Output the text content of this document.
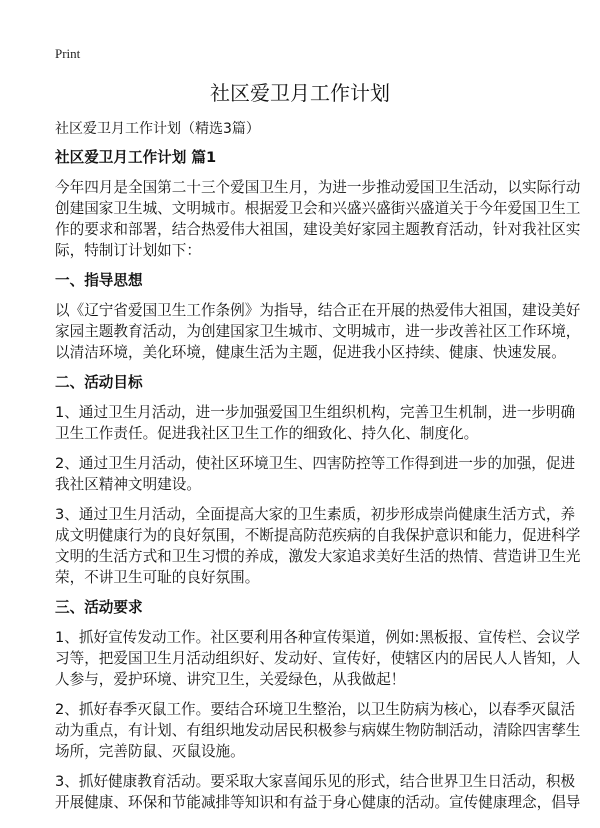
Print
社区爱卫月工作计划
社区爱卫月工作计划（精选3篇）
社区爱卫月工作计划 篇1
今年四月是全国第二十三个爱国卫生月，为进一步推动爱国卫生活动，以实际行动
创建国家卫生城、文明城市。根据爱卫会和兴盛兴盛街兴盛道关于今年爱国卫生工
作的要求和部署，结合热爱伟大祖国，建设美好家园主题教育活动，针对我社区实
际，特制订计划如下：
一、指导思想
以《辽宁省爱国卫生工作条例》为指导，结合正在开展的热爱伟大祖国，建设美好
家园主题教育活动，为创建国家卫生城市、文明城市，进一步改善社区工作环境，
以清洁环境，美化环境，健康生活为主题，促进我小区持续、健康、快速发展。
二、活动目标
1、通过卫生月活动，进一步加强爱国卫生组织机构，完善卫生机制，进一步明确
卫生工作责任。促进我社区卫生工作的细致化、持久化、制度化。
2、通过卫生月活动，使社区环境卫生、四害防控等工作得到进一步的加强，促进
我社区精神文明建设。
3、通过卫生月活动，全面提高大家的卫生素质，初步形成崇尚健康生活方式，养
成文明健康行为的良好氛围，不断提高防范疾病的自我保护意识和能力，促进科学
文明的生活方式和卫生习惯的养成，激发大家追求美好生活的热情、营造讲卫生光
荣，不讲卫生可耻的良好氛围。
三、活动要求
1、抓好宣传发动工作。社区要利用各种宣传渠道，例如:黑板报、宣传栏、会议学
习等，把爱国卫生月活动组织好、发动好、宣传好，使辖区内的居民人人皆知，人
人参与，爱护环境、讲究卫生，关爱绿色，从我做起！
2、抓好春季灭鼠工作。要结合环境卫生整治，以卫生防病为核心，以春季灭鼠活
动为重点，有计划、有组织地发动居民积极参与病媒生物防制活动，清除四害孳生
场所，完善防鼠、灭鼠设施。
3、抓好健康教育活动。要采取大家喜闻乐见的形式，结合世界卫生日活动，积极
开展健康、环保和节能减排等知识和有益于身心健康的活动。宣传健康理念，倡导
